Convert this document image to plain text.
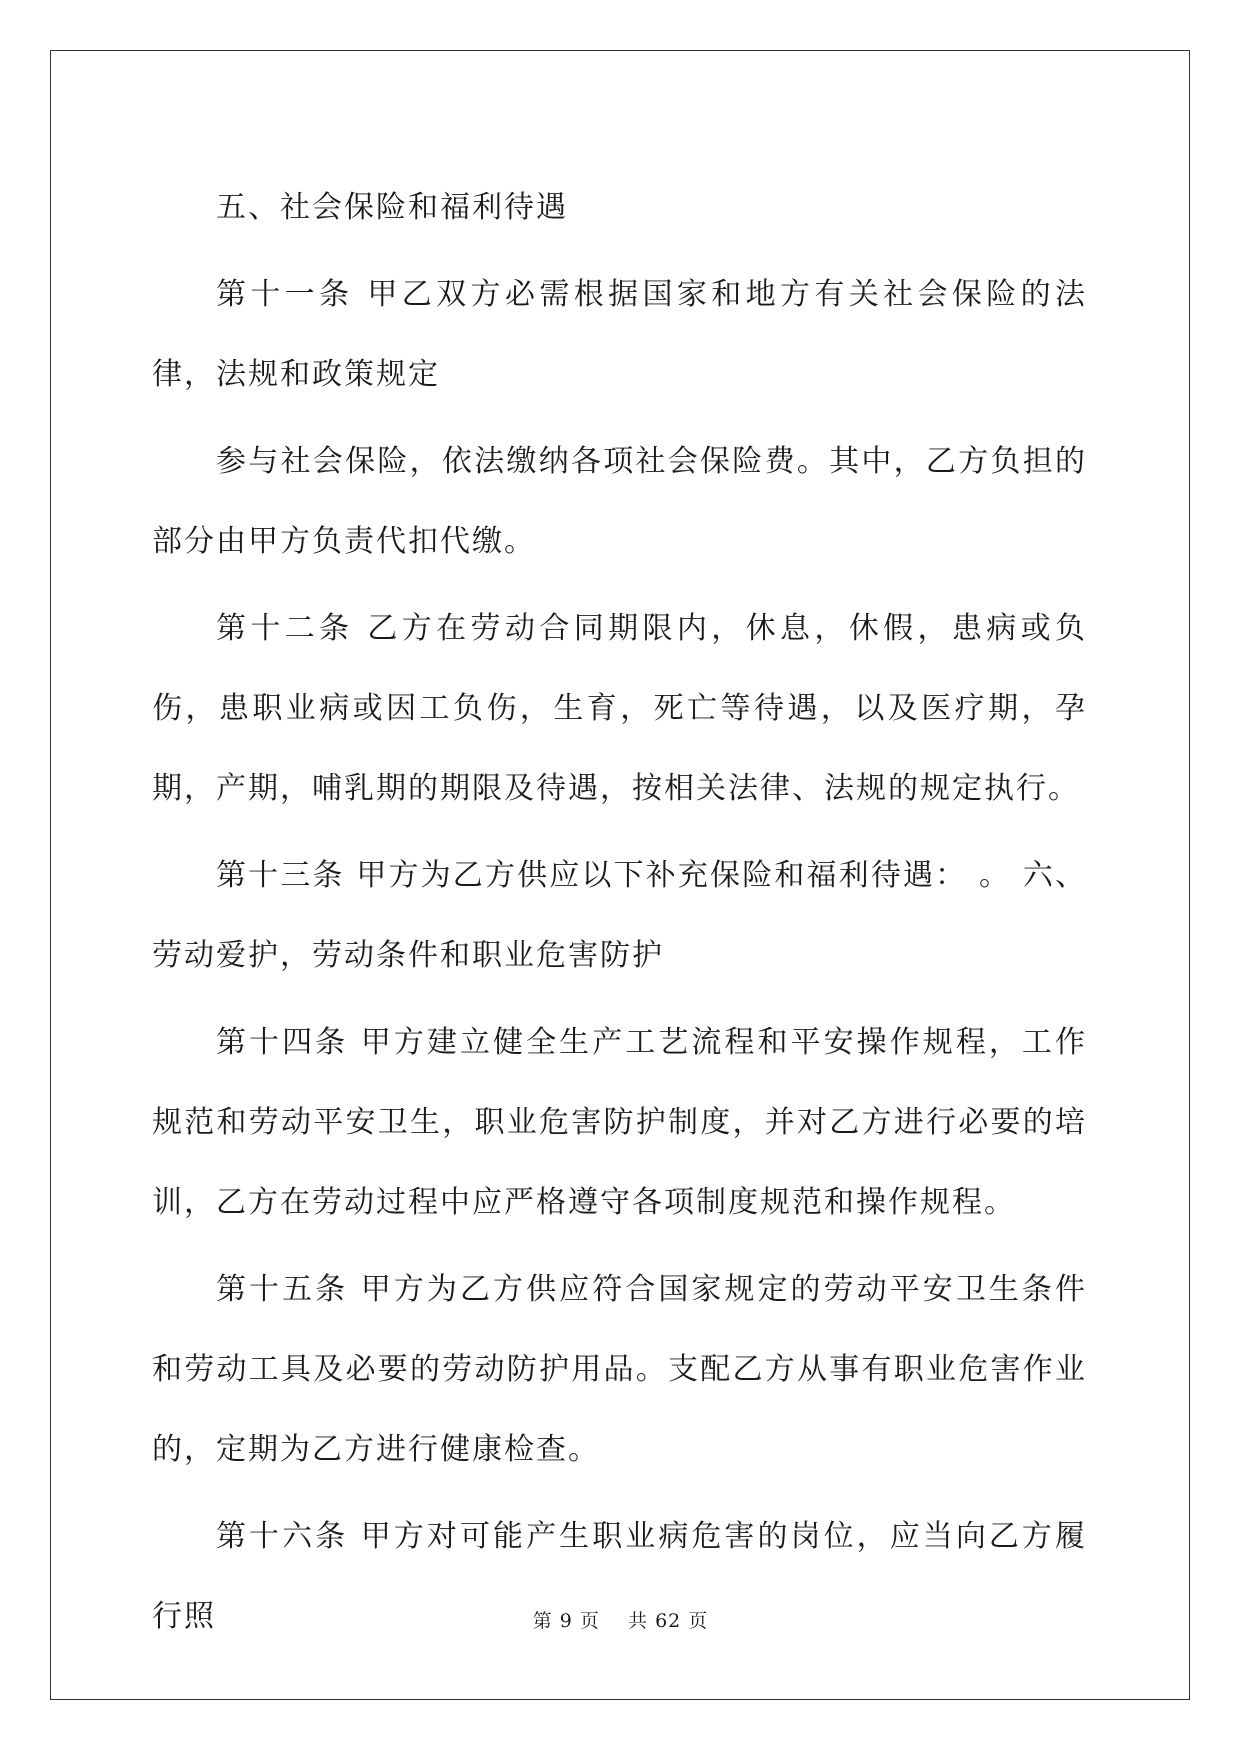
五、社会保险和福利待遇

第十一条 甲乙双方必需根据国家和地方有关社会保险的法律，法规和政策规定

参与社会保险，依法缴纳各项社会保险费。其中，乙方负担的部分由甲方负责代扣代缴。

第十二条 乙方在劳动合同期限内，休息，休假，患病或负伤，患职业病或因工负伤，生育，死亡等待遇，以及医疗期，孕期，产期，哺乳期的期限及待遇，按相关法律、法规的规定执行。

第十三条 甲方为乙方供应以下补充保险和福利待遇： 。 六、劳动爱护，劳动条件和职业危害防护

第十四条 甲方建立健全生产工艺流程和平安操作规程，工作规范和劳动平安卫生，职业危害防护制度，并对乙方进行必要的培训，乙方在劳动过程中应严格遵守各项制度规范和操作规程。

第十五条 甲方为乙方供应符合国家规定的劳动平安卫生条件和劳动工具及必要的劳动防护用品。支配乙方从事有职业危害作业的，定期为乙方进行健康检查。

第十六条 甲方对可能产生职业病危害的岗位，应当向乙方履行照	第 9 页 共 62 页
